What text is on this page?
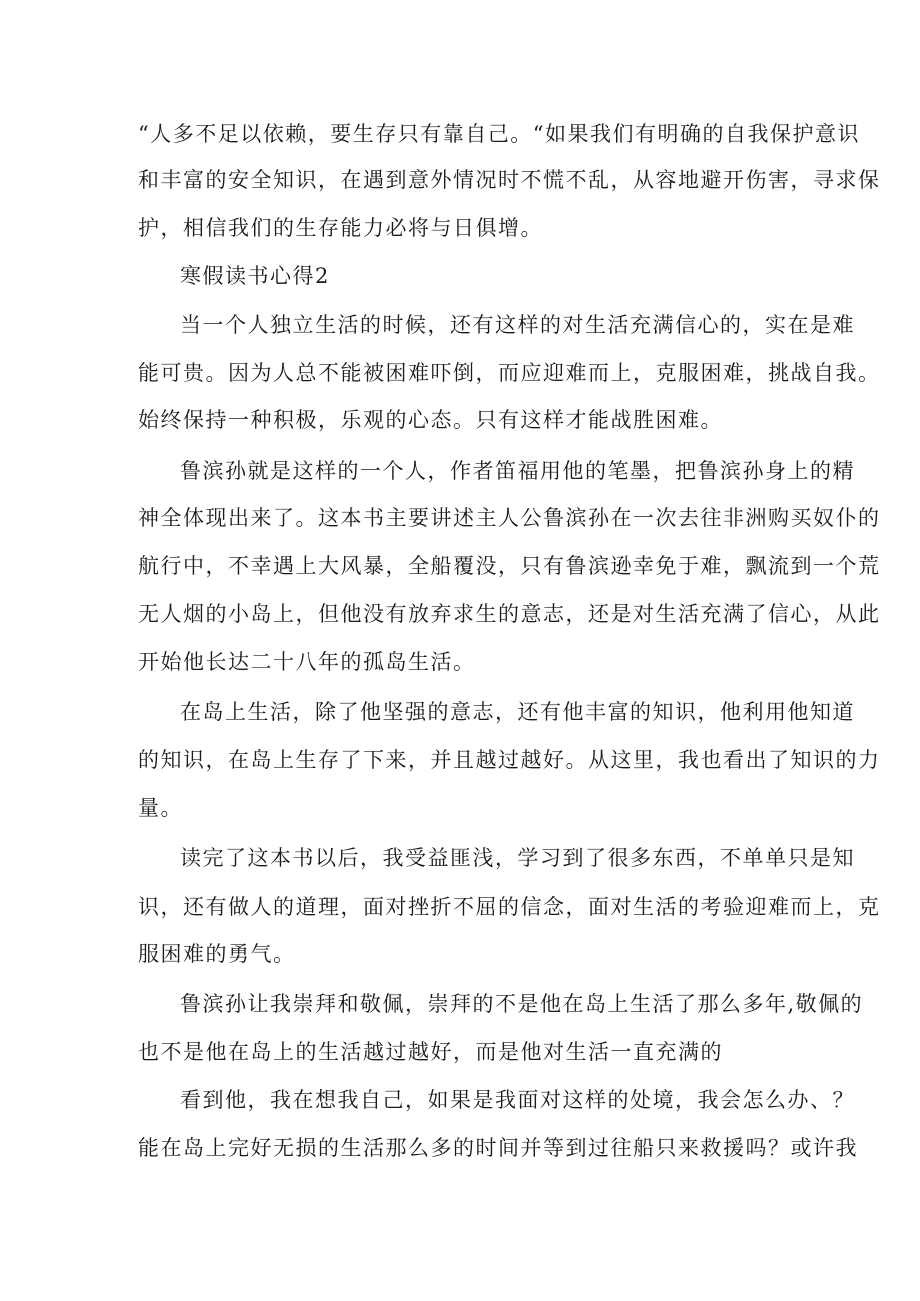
“人多不足以依赖，要生存只有靠自己。“如果我们有明确的自我保护意识
和丰富的安全知识，在遇到意外情况时不慌不乱，从容地避开伤害，寻求保
护，相信我们的生存能力必将与日俱增。
寒假读书心得2
当一个人独立生活的时候，还有这样的对生活充满信心的，实在是难
能可贵。因为人总不能被困难吓倒，而应迎难而上，克服困难，挑战自我。
始终保持一种积极，乐观的心态。只有这样才能战胜困难。
鲁滨孙就是这样的一个人，作者笛福用他的笔墨，把鲁滨孙身上的精
神全体现出来了。这本书主要讲述主人公鲁滨孙在一次去往非洲购买奴仆的
航行中，不幸遇上大风暴，全船覆没，只有鲁滨逊幸免于难，飘流到一个荒
无人烟的小岛上，但他没有放弃求生的意志，还是对生活充满了信心，从此
开始他长达二十八年的孤岛生活。
在岛上生活，除了他坚强的意志，还有他丰富的知识，他利用他知道
的知识，在岛上生存了下来，并且越过越好。从这里，我也看出了知识的力
量。
读完了这本书以后，我受益匪浅，学习到了很多东西，不单单只是知
识，还有做人的道理，面对挫折不屈的信念，面对生活的考验迎难而上，克
服困难的勇气。
鲁滨孙让我崇拜和敬佩，崇拜的不是他在岛上生活了那么多年,敬佩的
也不是他在岛上的生活越过越好，而是他对生活一直充满的
看到他，我在想我自己，如果是我面对这样的处境，我会怎么办、？
能在岛上完好无损的生活那么多的时间并等到过往船只来救援吗？或许我
